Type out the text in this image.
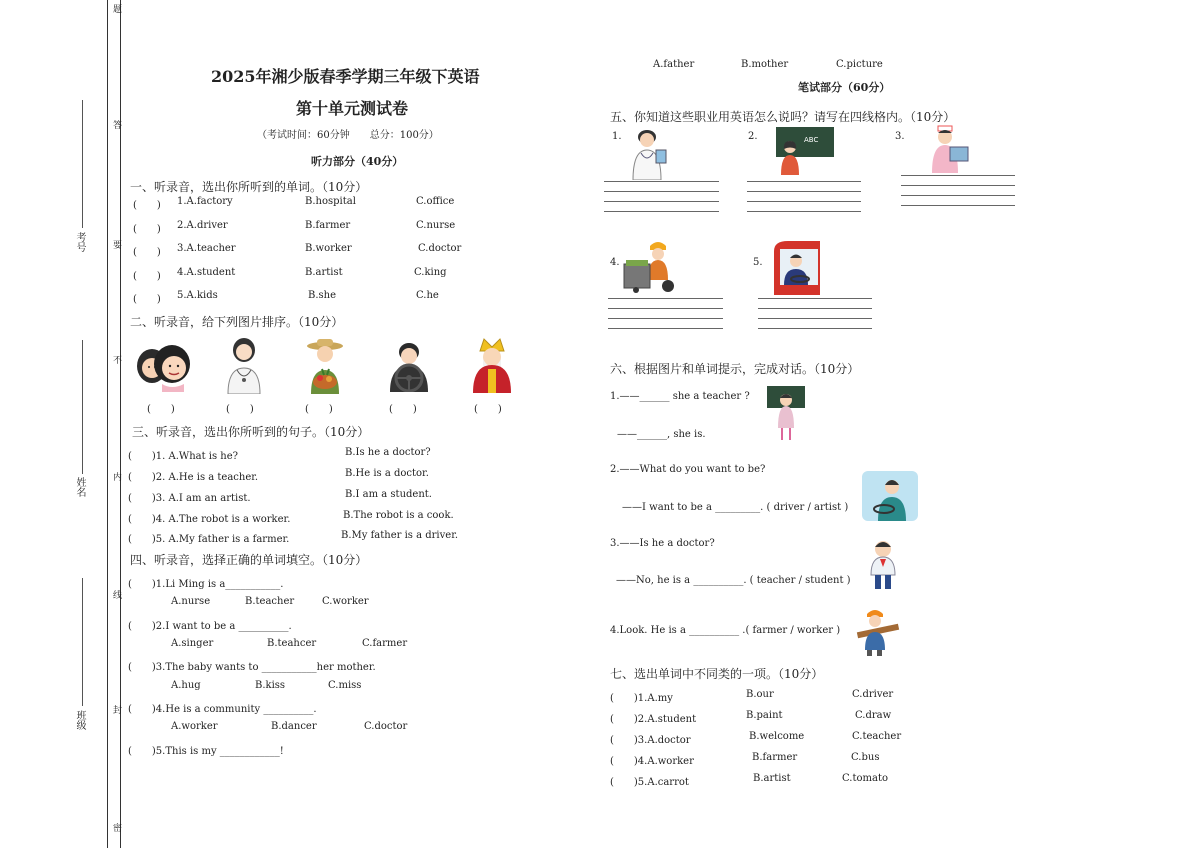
题
答
要
不
内
线
封
密
考号
姓名
班级
2025年湘少版春季学期三年级下英语
第十单元测试卷
（考试时间：60分钟　　总分：100分）
听力部分（40分）
一、听录音，选出你所听到的单词。（10分）
(　　) 1.A.factory	B.hospital	C.office
(　　) 2.A.driver	B.farmer	C.nurse
(　　) 3.A.teacher	B.worker	C.doctor
(　　) 4.A.student	B.artist	C.king
(　　) 5.A.kids	B.she	C.he
二、听录音，给下列图片排序。（10分）
(　　)	(　　)	(　　)	(　　)	(　　)
三、听录音，选出你所听到的句子。（10分）
(　　)1. A.What is he?	B.Is he a doctor?
(　　)2. A.He is a teacher.	B.He is a doctor.
(　　)3. A.I am an artist.	B.I am a student.
(　　)4. A.The robot is a worker.	B.The robot is a cook.
(　　)5. A.My father is a farmer.	B.My father is a driver.
四、听录音，选择正确的单词填空。（10分）
(　　)1.Li Ming is a___________.
A.nurse	B.teacher	C.worker
(　　)2.I want to be a __________.
A.singer	B.teahcer	C.farmer
(　　)3.The baby wants to ___________her mother.
A.hug	B.kiss	C.miss
(　　)4.He is a community __________.
A.worker	B.dancer	C.doctor
(　　)5.This is my ____________!
A.father	B.mother	C.picture
笔试部分（60分）
五、你知道这些职业用英语怎么说吗？请写在四线格内。（10分）
1.	2.	ABC	3.
4.	5.
六、根据图片和单词提示，完成对话。（10分）
1.——______ she a teacher ?
——______, she is.
2.——What do you want to be?
——I want to be a _________. ( driver / artist )
3.——Is he a doctor?
——No, he is a __________. ( teacher / student )
4.Look. He is a __________ .( farmer / worker )
七、选出单词中不同类的一项。（10分）
(　　)1.A.my	B.our	C.driver
(　　)2.A.student	B.paint	C.draw
(　　)3.A.doctor	B.welcome	C.teacher
(　　)4.A.worker	B.farmer	C.bus
(　　)5.A.carrot	B.artist	C.tomato
